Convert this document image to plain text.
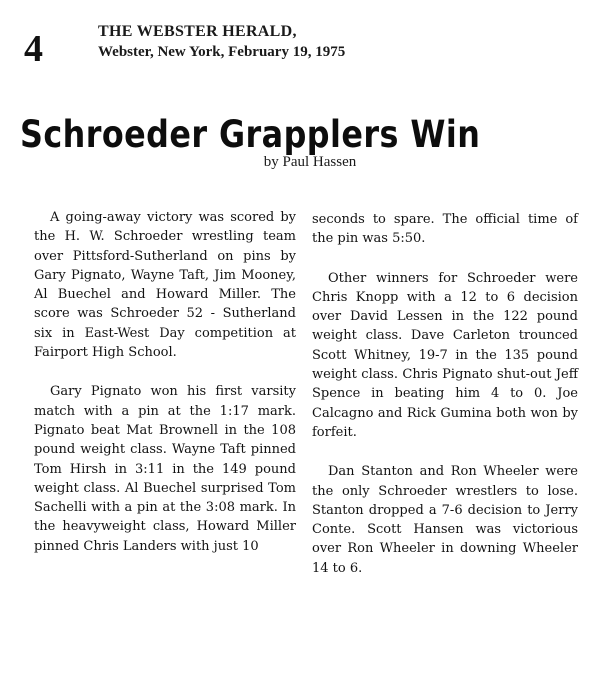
4	THE WEBSTER HERALD,
Webster, New York, February 19, 1975
Schroeder Grapplers Win
by Paul Hassen

A going-away victory was scored by the H. W. Schroeder wrestling team over Pittsford-Sutherland on pins by Gary Pignato, Wayne Taft, Jim Mooney, Al Buechel and Howard Miller. The score was Schroeder 52 - Sutherland six in East-West Day competition at Fairport High School.

Gary Pignato won his first varsity match with a pin at the 1:17 mark. Pignato beat Mat Brownell in the 108 pound weight class. Wayne Taft pinned Tom Hirsh in 3:11 in the 149 pound weight class. Al Buechel surprised Tom Sachelli with a pin at the 3:08 mark. In the heavyweight class, Howard Miller pinned Chris Landers with just 10

seconds to spare. The official time of the pin was 5:50.

Other winners for Schroeder were Chris Knopp with a 12 to 6 decision over David Lessen in the 122 pound weight class. Dave Carleton trounced Scott Whitney, 19-7 in the 135 pound weight class. Chris Pignato shut-out Jeff Spence in beating him 4 to 0. Joe Calcagno and Rick Gumina both won by forfeit.

Dan Stanton and Ron Wheeler were the only Schroeder wrestlers to lose. Stanton dropped a 7-6 decision to Jerry Conte. Scott Hansen was victorious over Ron Wheeler in downing Wheeler 14 to 6.
